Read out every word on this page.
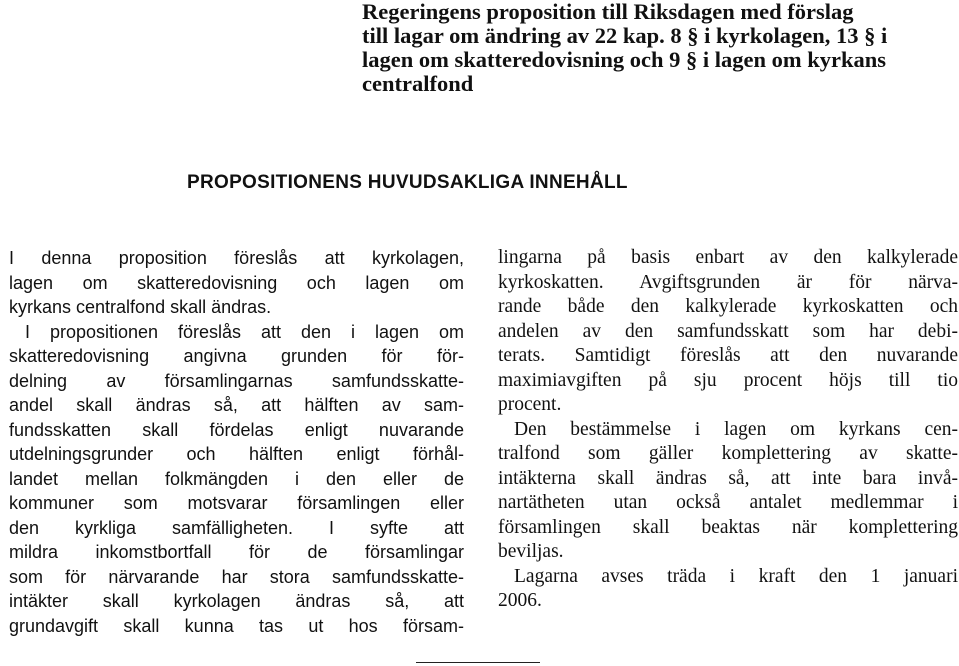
Regeringens proposition till Riksdagen med förslag
till lagar om ändring av 22 kap. 8 § i kyrkolagen, 13 § i
lagen om skatteredovisning och 9 § i lagen om kyrkans
centralfond
PROPOSITIONENS HUVUDSAKLIGA INNEHÅLL
I denna proposition föreslås att kyrkolagen,
lagen om skatteredovisning och lagen om
kyrkans centralfond skall ändras.
I propositionen föreslås att den i lagen om
skatteredovisning angivna grunden för för-
delning av församlingarnas samfundsskatte-
andel skall ändras så, att hälften av sam-
fundsskatten skall fördelas enligt nuvarande
utdelningsgrunder och hälften enligt förhål-
landet mellan folkmängden i den eller de
kommuner som motsvarar församlingen eller
den kyrkliga samfälligheten. I syfte att
mildra inkomstbortfall för de församlingar
som för närvarande har stora samfundsskatte-
intäkter skall kyrkolagen ändras så, att
grundavgift skall kunna tas ut hos försam-
lingarna på basis enbart av den kalkylerade
kyrkoskatten. Avgiftsgrunden är för närva-
rande både den kalkylerade kyrkoskatten och
andelen av den samfundsskatt som har debi-
terats. Samtidigt föreslås att den nuvarande
maximiavgiften på sju procent höjs till tio
procent.
Den bestämmelse i lagen om kyrkans cen-
tralfond som gäller komplettering av skatte-
intäkterna skall ändras så, att inte bara invå-
nartätheten utan också antalet medlemmar i
församlingen skall beaktas när komplettering
beviljas.
Lagarna avses träda i kraft den 1 januari
2006.
